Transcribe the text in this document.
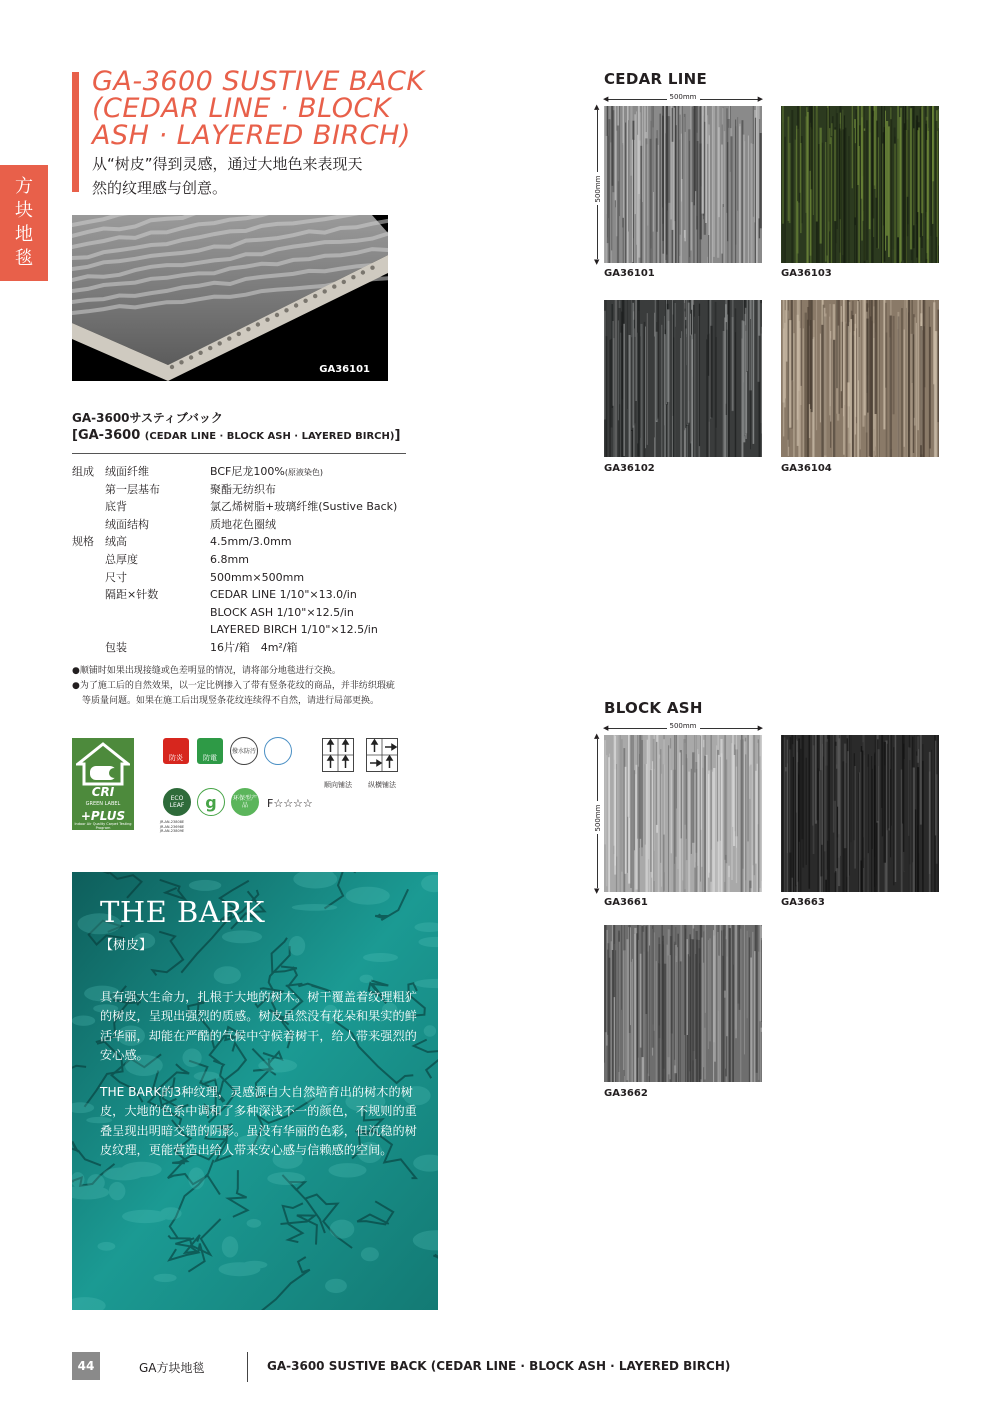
方
块
地
毯
GA-3600 SUSTIVE BACK
(CEDAR LINE · BLOCK
ASH · LAYERED BIRCH)
从“树皮”得到灵感，通过大地色来表现天
然的纹理感与创意。
GA36101
GA-3600サスティブバック
[GA-3600 (CEDAR LINE · BLOCK ASH · LAYERED BIRCH)]
组成 绒面纤维	BCF尼龙100%(原液染色)
第一层基布	聚酯无纺织布
底背	氯乙烯树脂+玻璃纤维(Sustive Back)
绒面结构	质地花色圈绒
规格 绒高	4.5mm/3.0mm
总厚度	6.8mm
尺寸	500mm×500mm
隔距×针数	CEDAR LINE 1/10"×13.0/in
BLOCK ASH 1/10"×12.5/in
LAYERED BIRCH 1/10"×12.5/in
包装	16片/箱　4m²/箱

●顺铺时如果出现接缝或色差明显的情况，请将部分地毯进行交换。

●为了施工后的自然效果，以一定比例掺入了带有竖条花纹的商品，并非纺织瑕疵等质量问题。如果在施工后出现竖条花纹连续得不自然，请进行局部更换。

CRI
GREEN LABEL
+PLUS
Indoor Air Quality Carpet Testing Program
防炎	防電
撥水防汚
ECO LEAF	g	环保型产品	F☆☆☆☆
JR-AN-23808E
JR-AN-23698E
JR-AN-23809E
顺向铺法 纵横铺法
THE BARK
【树皮】

具有强大生命力，扎根于大地的树木。树干覆盖着纹理粗犷的树皮，呈现出强烈的质感。树皮虽然没有花朵和果实的鲜活华丽，却能在严酷的气候中守候着树干，给人带来强烈的安心感。

THE BARK的3种纹理，灵感源自大自然培育出的树木的树皮，大地的色系中调和了多种深浅不一的颜色，不规则的重叠呈现出明暗交错的阴影。虽没有华丽的色彩，但沉稳的树皮纹理，更能营造出给人带来安心感与信赖感的空间。

CEDAR LINE
◀	▶
500mm
▲
▼
500mm
GA36101	GA36103
GA36102	GA36104
BLOCK ASH
◀	▶
500mm
▲
▼
500mm
GA3661	GA3663
GA3662
44	GA方块地毯	GA-3600 SUSTIVE BACK (CEDAR LINE · BLOCK ASH · LAYERED BIRCH)
